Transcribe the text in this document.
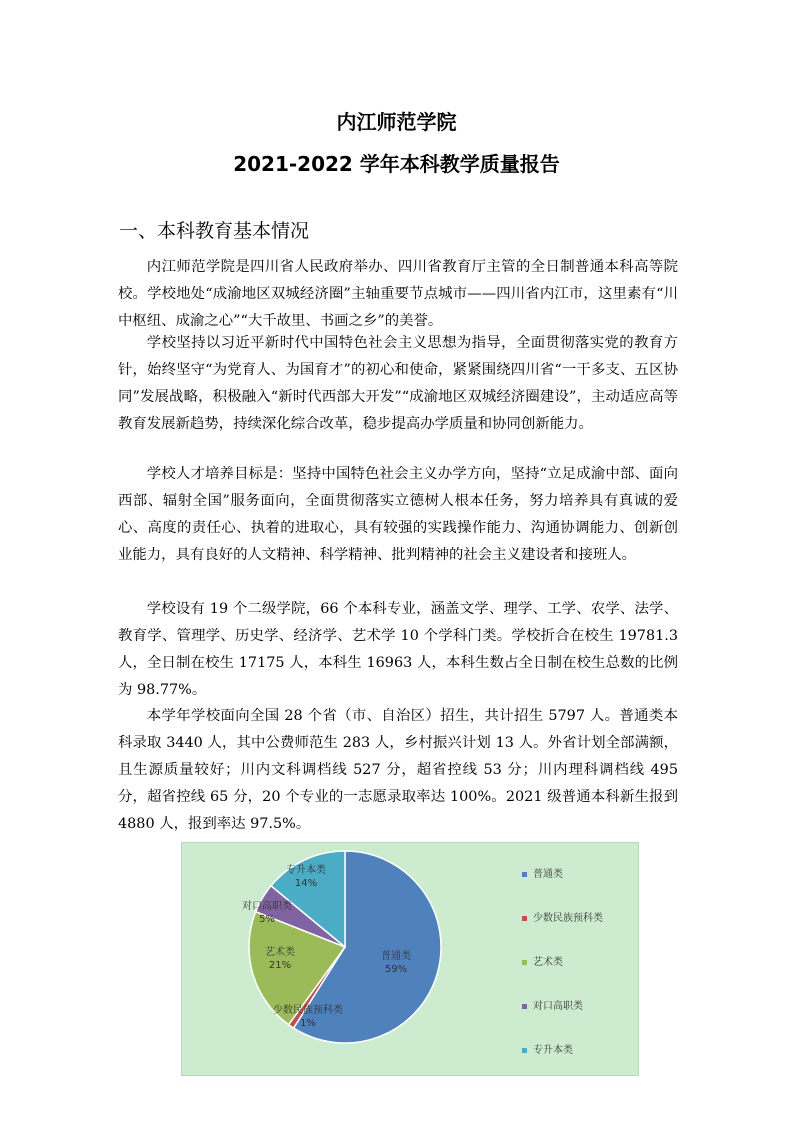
内江师范学院
2021-2022 学年本科教学质量报告
一、本科教育基本情况

内江师范学院是四川省人民政府举办、四川省教育厅主管的全日制普通本科高等院校。学校地处“成渝地区双城经济圈”主轴重要节点城市——四川省内江市，这里素有“川中枢纽、成渝之心”“大千故里、书画之乡”的美誉。

学校坚持以习近平新时代中国特色社会主义思想为指导，全面贯彻落实党的教育方针，始终坚守“为党育人、为国育才”的初心和使命，紧紧围绕四川省“一干多支、五区协同”发展战略，积极融入“新时代西部大开发”“成渝地区双城经济圈建设”，主动适应高等教育发展新趋势，持续深化综合改革，稳步提高办学质量和协同创新能力。

学校人才培养目标是：坚持中国特色社会主义办学方向，坚持“立足成渝中部、面向西部、辐射全国”服务面向，全面贯彻落实立德树人根本任务，努力培养具有真诚的爱心、高度的责任心、执着的进取心，具有较强的实践操作能力、沟通协调能力、创新创业能力，具有良好的人文精神、科学精神、批判精神的社会主义建设者和接班人。

学校设有 19 个二级学院，66 个本科专业，涵盖文学、理学、工学、农学、法学、教育学、管理学、历史学、经济学、艺术学 10 个学科门类。学校折合在校生 19781.3 人，全日制在校生 17175 人，本科生 16963 人，本科生数占全日制在校生总数的比例为 98.77%。

本学年学校面向全国 28 个省（市、自治区）招生，共计招生 5797 人。普通类本科录取 3440 人，其中公费师范生 283 人，乡村振兴计划 13 人。外省计划全部满额，且生源质量较好；川内文科调档线 527 分，超省控线 53 分；川内理科调档线 495 分，超省控线 65 分，20 个专业的一志愿录取率达 100%。2021 级普通本科新生报到 4880 人，报到率达 97.5%。

普通类
59%
少数民族预科类
1%
艺术类
21%
对口高职类
5%
专升本类
14%
普通类
少数民族预科类
艺术类
对口高职类
专升本类
